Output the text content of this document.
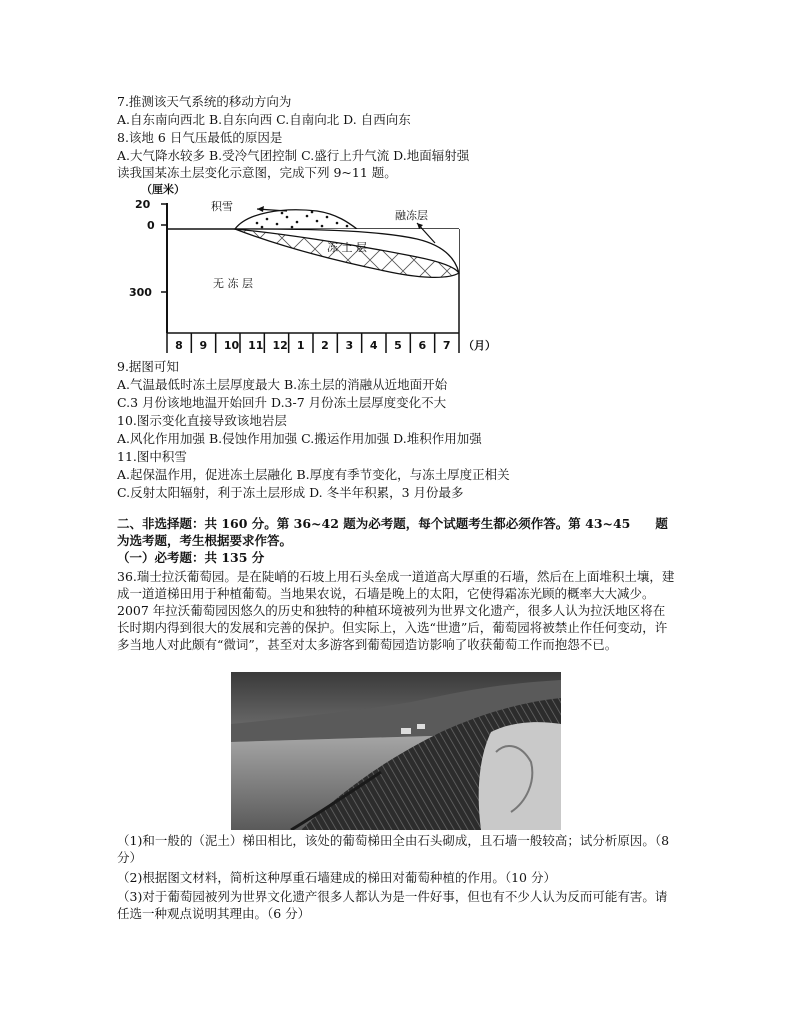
7.推测该天气系统的移动方向为
A.自东南向西北 B.自东向西 C.自南向北 D. 自西向东
8.该地 6 日气压最低的原因是
A.大气降水较多 B.受冷气团控制 C.盛行上升气流 D.地面辐射强
读我国某冻土层变化示意图，完成下列 9~11 题。
（厘米）
20
0
300
积雪
冻 土 层
融冻层
无 冻 层
8 9 10 11 12 1 2 3 4 5 6 7 （月）
9.据图可知
A.气温最低时冻土层厚度最大 B.冻土层的消融从近地面开始
C.3 月份该地地温开始回升 D.3-7 月份冻土层厚度变化不大
10.图示变化直接导致该地岩层
A.风化作用加强 B.侵蚀作用加强 C.搬运作用加强 D.堆积作用加强
11.图中积雪
A.起保温作用，促进冻土层融化 B.厚度有季节变化，与冻土厚度正相关
C.反射太阳辐射，利于冻土层形成 D. 冬半年积累，3 月份最多
二、非选择题：共 160 分。第 36~42 题为必考题，每个试题考生都必须作答。第 43~45　　题
为选考题，考生根据要求作答。
（一）必考题：共 135 分
36.瑞士拉沃葡萄园。是在陡峭的石坡上用石头垒成一道道高大厚重的石墙，然后在上面堆积土壤，建成一道道梯田用于种植葡萄。当地果农说，石墙是晚上的太阳，它使得霜冻光顾的概率大大减少。2007 年拉沃葡萄园因悠久的历史和独特的种植环境被列为世界文化遗产，很多人认为拉沃地区将在长时期内得到很大的发展和完善的保护。但实际上，入选“世遗”后，葡萄园将被禁止作任何变动，许多当地人对此颇有“微词”，甚至对太多游客到葡萄园造访影响了收获葡萄工作而抱怨不已。
（1)和一般的（泥土）梯田相比，该处的葡萄梯田全由石头砌成，且石墙一般较高；试分析原因。（8 分）
（2)根据图文材料，简析这种厚重石墙建成的梯田对葡萄种植的作用。（10 分）
（3)对于葡萄园被列为世界文化遗产很多人都认为是一件好事，但也有不少人认为反而可能有害。请任选一种观点说明其理由。（6 分）
